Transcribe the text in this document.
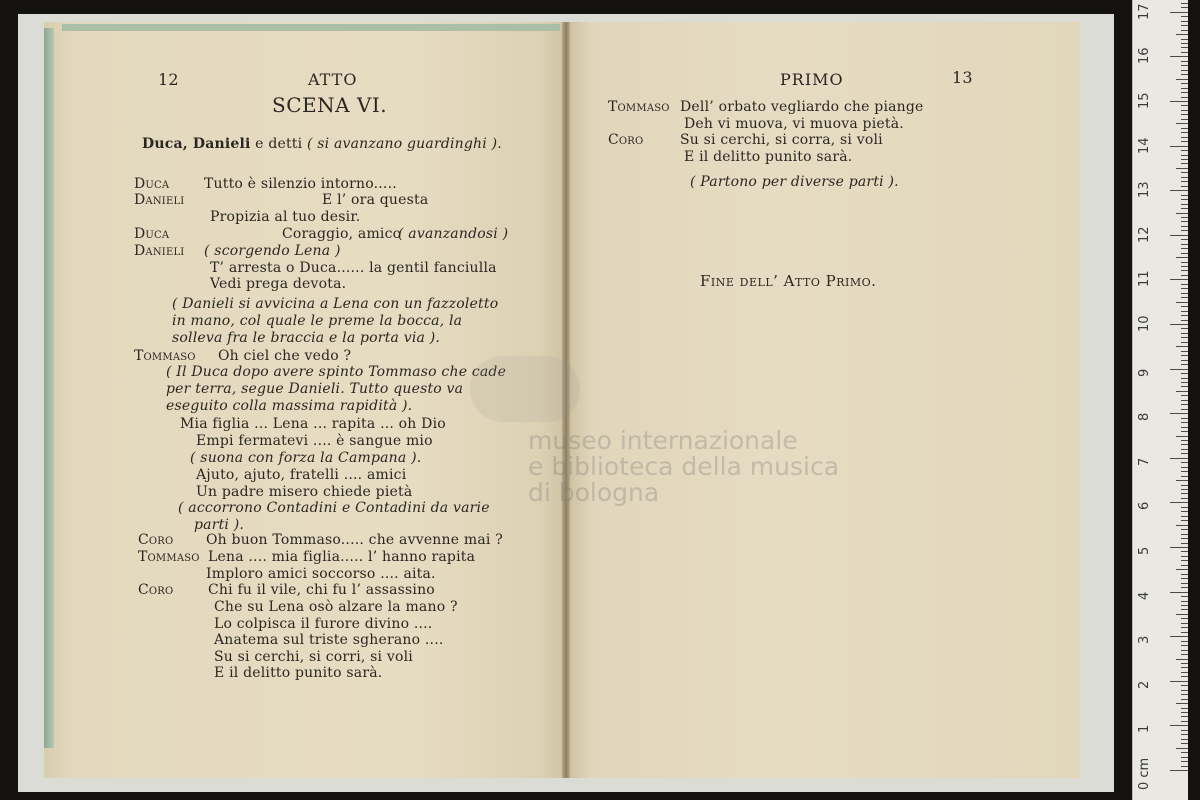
12	ATTO
SCENA VI.
Duca, Danieli e detti ( si avanzano guardinghi ).
Duca Tutto è silenzio intorno.....
Danieli	E l’ ora questa
Propizia al tuo desir.
Duca	Coraggio, amico
( avanzandosi )
Danieli ( scorgendo Lena )
T’ arresta o Duca...... la gentil fanciulla
Vedi prega devota.
( Danieli si avvicina a Lena con un fazzoletto
in mano, col quale le preme la bocca, la
solleva fra le braccia e la porta via ).
Tommaso Oh ciel che vedo ?
( Il Duca dopo avere spinto Tommaso che cade
per terra, segue Danieli. Tutto questo va
eseguito colla massima rapidità ).
Mia figlia ... Lena ... rapita ... oh Dio
Empi fermatevi .... è sangue mio
( suona con forza la Campana ).
Ajuto, ajuto, fratelli .... amici
Un padre misero chiede pietà
( accorrono Contadini e Contadini da varie
parti ).
Coro Oh buon Tommaso..... che avvenne mai ?
Tommaso Lena .... mia figlia..... l’ hanno rapita
Imploro amici soccorso .... aita.
Coro Chi fu il vile, chi fu l’ assassino
Che su Lena osò alzare la mano ?
Lo colpisca il furore divino ....
Anatema sul triste sgherano ....
Su si cerchi, si corri, si voli
E il delitto punito sarà.
PRIMO	13
Tommaso Dell’ orbato vegliardo che piange
Deh vi muova, vi muova pietà.
Coro	Su si cerchi, si corra, si voli
E il delitto punito sarà.
( Partono per diverse parti ).
Fine dell’ Atto Primo.
museo internazionale
e biblioteca della musica
di bologna
0 cm
1
2
3
4
5
6
7
8
9
10
11
12
13
14
15
16
17
